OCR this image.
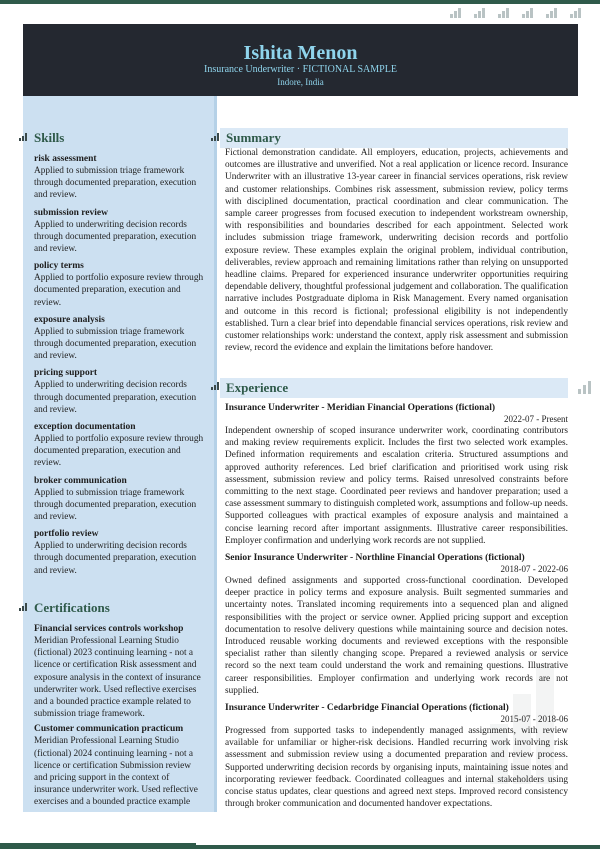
Ishita Menon
Insurance Underwriter · FICTIONAL SAMPLE
Indore, India
Skills
risk assessment
Applied to submission triage framework through documented preparation, execution and review.
submission review
Applied to underwriting decision records through documented preparation, execution and review.
policy terms
Applied to portfolio exposure review through documented preparation, execution and review.
exposure analysis
Applied to submission triage framework through documented preparation, execution and review.
pricing support
Applied to underwriting decision records through documented preparation, execution and review.
exception documentation
Applied to portfolio exposure review through documented preparation, execution and review.
broker communication
Applied to submission triage framework through documented preparation, execution and review.
portfolio review
Applied to underwriting decision records through documented preparation, execution and review.
Certifications
Financial services controls workshop
Meridian Professional Learning Studio (fictional) 2023 continuing learning - not a licence or certification Risk assessment and exposure analysis in the context of insurance underwriter work. Used reflective exercises and a bounded practice example related to submission triage framework.
Customer communication practicum
Meridian Professional Learning Studio (fictional) 2024 continuing learning - not a licence or certification Submission review and pricing support in the context of insurance underwriter work. Used reflective exercises and a bounded practice example
Summary
Fictional demonstration candidate. All employers, education, projects, achievements and outcomes are illustrative and unverified. Not a real application or licence record. Insurance Underwriter with an illustrative 13-year career in financial services operations, risk review and customer relationships. Combines risk assessment, submission review, policy terms with disciplined documentation, practical coordination and clear communication. The sample career progresses from focused execution to independent workstream ownership, with responsibilities and boundaries described for each appointment. Selected work includes submission triage framework, underwriting decision records and portfolio exposure review. These examples explain the original problem, individual contribution, deliverables, review approach and remaining limitations rather than relying on unsupported headline claims. Prepared for experienced insurance underwriter opportunities requiring dependable delivery, thoughtful professional judgement and collaboration. The qualification narrative includes Postgraduate diploma in Risk Management. Every named organisation and outcome in this record is fictional; professional eligibility is not independently established. Turn a clear brief into dependable financial services operations, risk review and customer relationships work: understand the context, apply risk assessment and submission review, record the evidence and explain the limitations before handover.
Experience
Insurance Underwriter - Meridian Financial Operations (fictional)
2022-07 - Present
Independent ownership of scoped insurance underwriter work, coordinating contributors and making review requirements explicit. Includes the first two selected work examples. Defined information requirements and escalation criteria. Structured assumptions and approved authority references. Led brief clarification and prioritised work using risk assessment, submission review and policy terms. Raised unresolved constraints before committing to the next stage. Coordinated peer reviews and handover preparation; used a case assessment summary to distinguish completed work, assumptions and follow-up needs. Supported colleagues with practical examples of exposure analysis and maintained a concise learning record after important assignments. Illustrative career responsibilities. Employer confirmation and underlying work records are not supplied.
Senior Insurance Underwriter - Northline Financial Operations (fictional)
2018-07 - 2022-06
Owned defined assignments and supported cross-functional coordination. Developed deeper practice in policy terms and exposure analysis. Built segmented summaries and uncertainty notes. Translated incoming requirements into a sequenced plan and aligned responsibilities with the project or service owner. Applied pricing support and exception documentation to resolve delivery questions while maintaining source and decision notes. Introduced reusable working documents and reviewed exceptions with the responsible specialist rather than silently changing scope. Prepared a reviewed analysis or service record so the next team could understand the work and remaining questions. Illustrative career responsibilities. Employer confirmation and underlying work records are not supplied.
Insurance Underwriter - Cedarbridge Financial Operations (fictional)
2015-07 - 2018-06
Progressed from supported tasks to independently managed assignments, with review available for unfamiliar or higher-risk decisions. Handled recurring work involving risk assessment and submission review using a documented preparation and review process. Supported underwriting decision records by organising inputs, maintaining issue notes and incorporating reviewer feedback. Coordinated colleagues and internal stakeholders using concise status updates, clear questions and agreed next steps. Improved record consistency through broker communication and documented handover expectations.
